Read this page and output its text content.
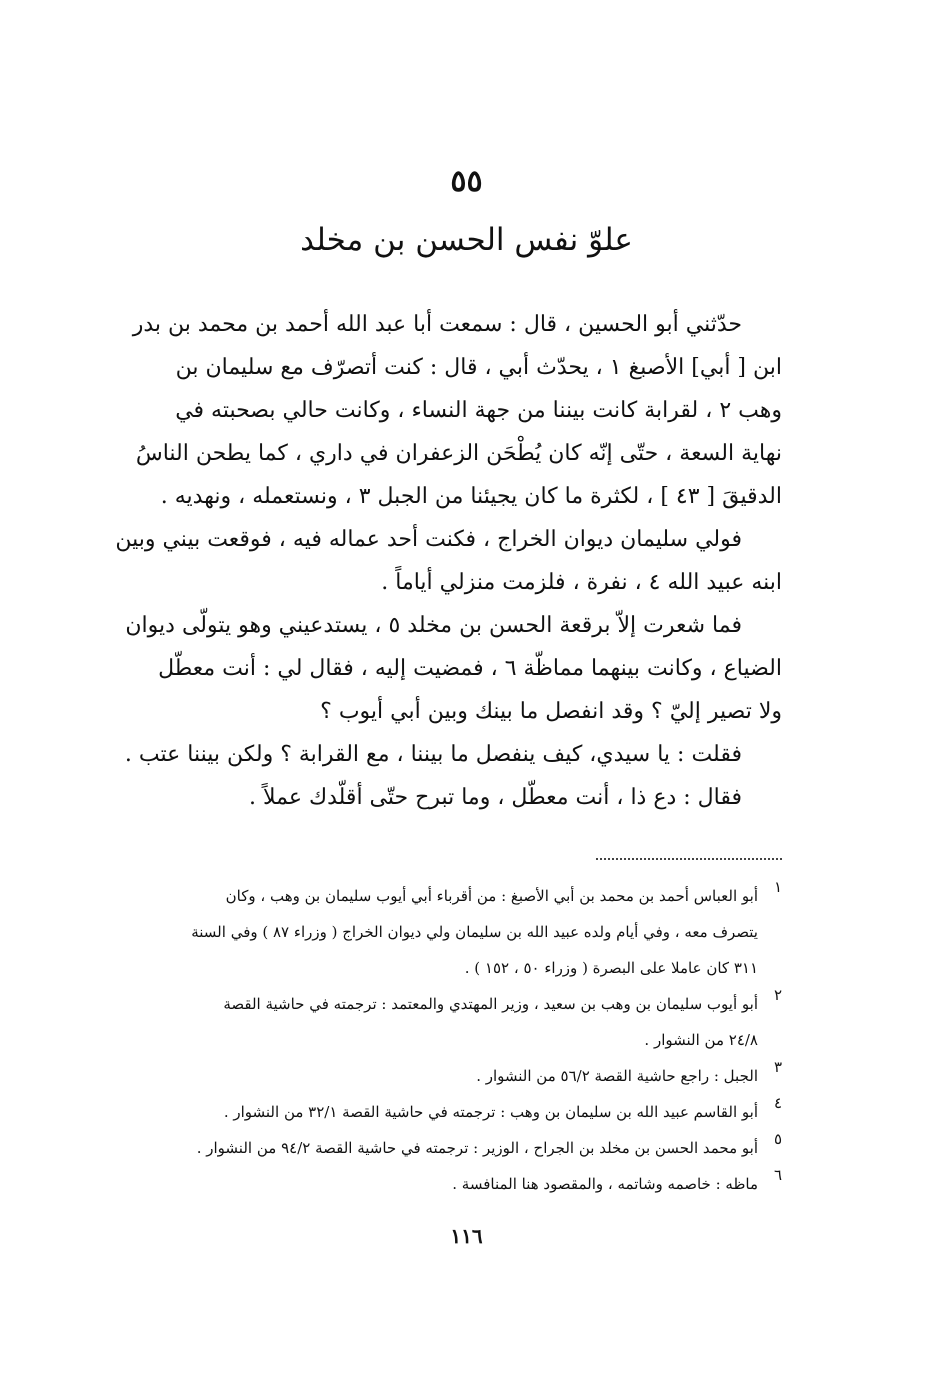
٥٥
علوّ نفس الحسن بن مخلد
حدّثني أبو الحسين ، قال : سمعت أبا عبد الله أحمد بن محمد بن بدر
ابن [ أبي] الأصبغ ١ ، يحدّث أبي ، قال : كنت أتصرّف مع سليمان بن
وهب ٢ ، لقرابة كانت بيننا من جهة النساء ، وكانت حالي بصحبته في
نهاية السعة ، حتّى إنّه كان يُطْحَن الزعفران في داري ، كما يطحن الناسُ
الدقيقَ [ ٤٣ ] ، لكثرة ما كان يجيئنا من الجبل ٣ ، ونستعمله ، ونهديه .
فولي سليمان ديوان الخراج ، فكنت أحد عماله فيه ، فوقعت بيني وبين
ابنه عبيد الله ٤ ، نفرة ، فلزمت منزلي أياماً .
فما شعرت إلاّ برقعة الحسن بن مخلد ٥ ، يستدعيني وهو يتولّى ديوان
الضياع ، وكانت بينهما مماظّة ٦ ، فمضيت إليه ، فقال لي : أنت معطّل
ولا تصير إليّ ؟ وقد انفصل ما بينك وبين أبي أيوب ؟
فقلت : يا سيدي، كيف ينفصل ما بيننا ، مع القرابة ؟ ولكن بيننا عتب .
فقال : دع ذا ، أنت معطّل ، وما تبرح حتّى أقلّدك عملاً .
١
أبو العباس أحمد بن محمد بن أبي الأصبغ : من أقرباء أبي أيوب سليمان بن وهب ، وكان
يتصرف معه ، وفي أيام ولده عبيد الله بن سليمان ولي ديوان الخراج ( وزراء ٨٧ ) وفي السنة
٣١١ كان عاملا على البصرة ( وزراء ٥٠ ، ١٥٢ ) .
٢
أبو أيوب سليمان بن وهب بن سعيد ، وزير المهتدي والمعتمد : ترجمته في حاشية القصة
٢٤/٨ من النشوار .
٣
الجبل : راجع حاشية القصة ٥٦/٢ من النشوار .
٤
أبو القاسم عبيد الله بن سليمان بن وهب : ترجمته في حاشية القصة ٣٢/١ من النشوار .
٥
أبو محمد الحسن بن مخلد بن الجراح ، الوزير : ترجمته في حاشية القصة ٩٤/٢ من النشوار .
٦
ماظه : خاصمه وشاتمه ، والمقصود هنا المنافسة .
١١٦
